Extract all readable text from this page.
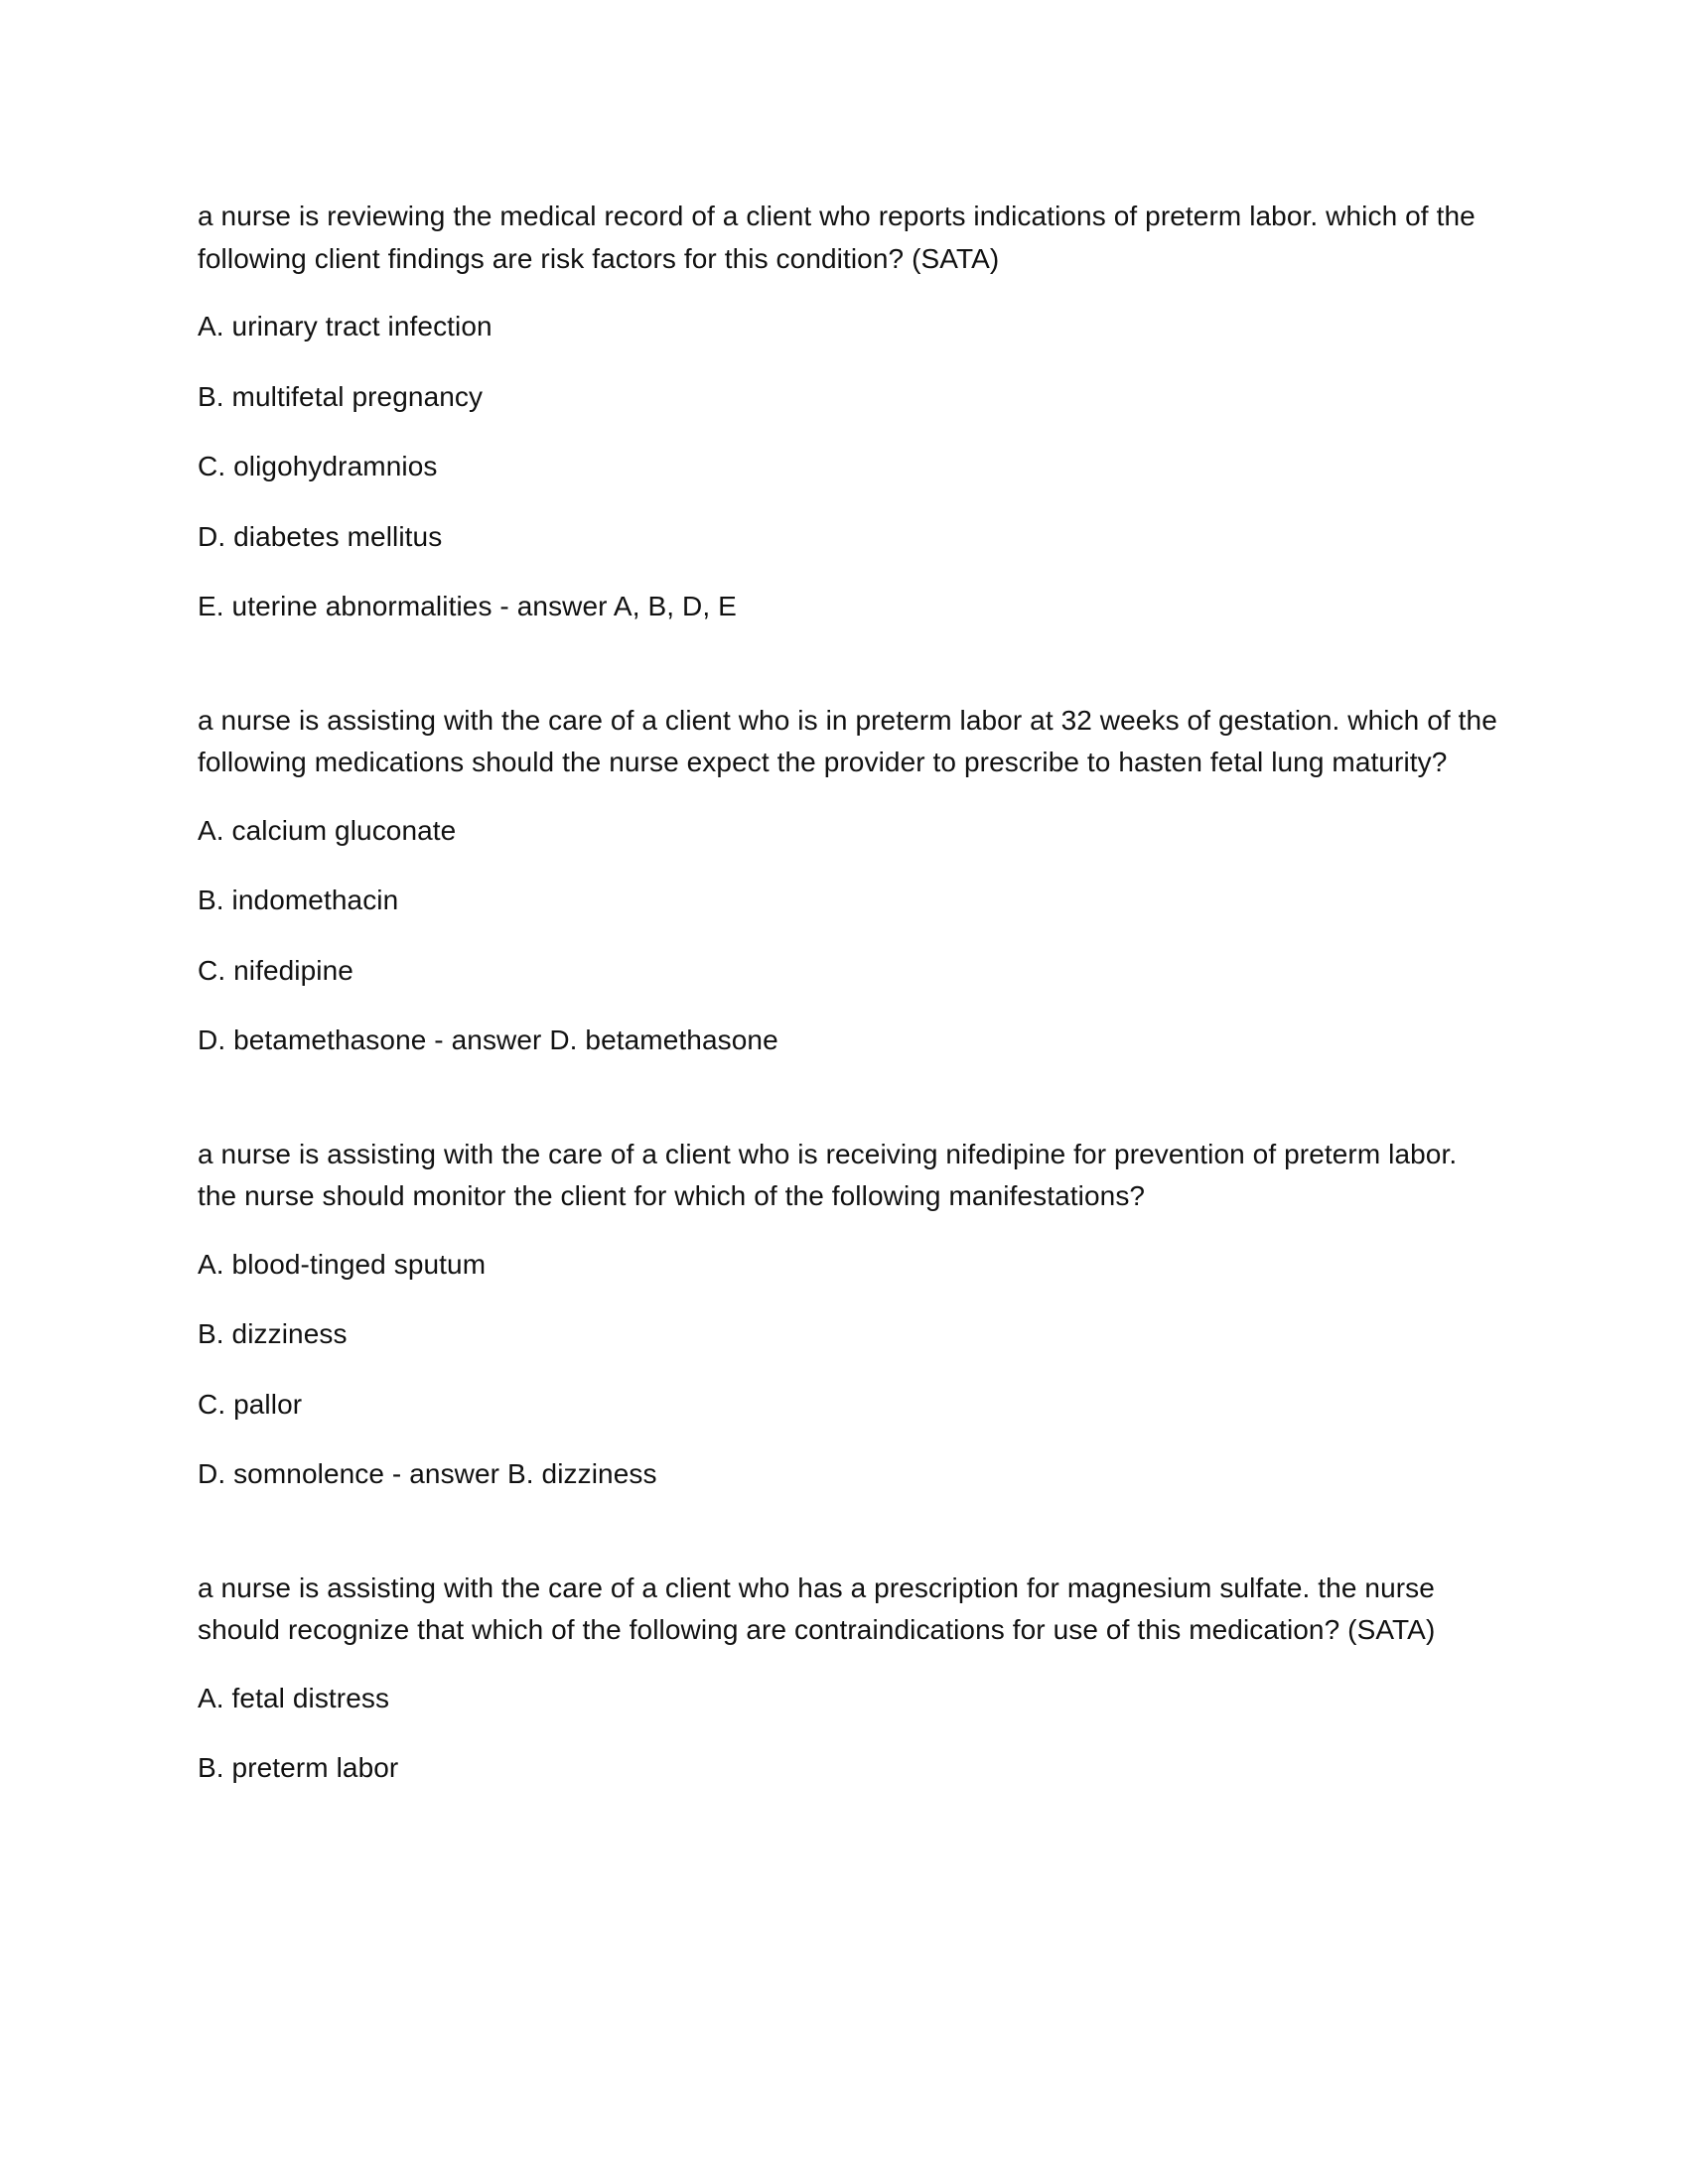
a nurse is reviewing the medical record of a client who reports indications of preterm labor. which of the following client findings are risk factors for this condition? (SATA)

A. urinary tract infection

B. multifetal pregnancy

C. oligohydramnios

D. diabetes mellitus

E. uterine abnormalities - answer A, B, D, E

a nurse is assisting with the care of a client who is in preterm labor at 32 weeks of gestation. which of the following medications should the nurse expect the provider to prescribe to hasten fetal lung maturity?

A. calcium gluconate

B. indomethacin

C. nifedipine

D. betamethasone - answer D. betamethasone

a nurse is assisting with the care of a client who is receiving nifedipine for prevention of preterm labor. the nurse should monitor the client for which of the following manifestations?

A. blood-tinged sputum

B. dizziness

C. pallor

D. somnolence - answer B. dizziness

a nurse is assisting with the care of a client who has a prescription for magnesium sulfate. the nurse should recognize that which of the following are contraindications for use of this medication? (SATA)

A. fetal distress

B. preterm labor
